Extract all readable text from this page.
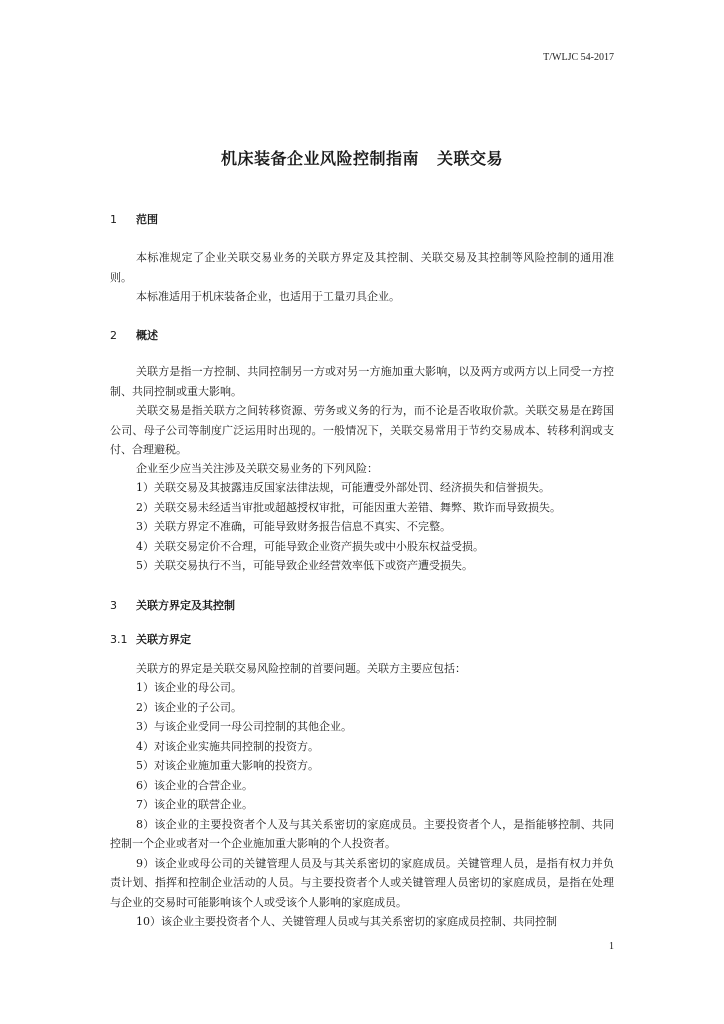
T/WLJC 54-2017
机床装备企业风险控制指南 关联交易
1 范围

本标准规定了企业关联交易业务的关联方界定及其控制、关联交易及其控制等风险控制的通用准则。

本标准适用于机床装备企业，也适用于工量刃具企业。

2 概述

关联方是指一方控制、共同控制另一方或对另一方施加重大影响，以及两方或两方以上同受一方控制、共同控制或重大影响。

关联交易是指关联方之间转移资源、劳务或义务的行为，而不论是否收取价款。关联交易是在跨国公司、母子公司等制度广泛运用时出现的。一般情况下，关联交易常用于节约交易成本、转移利润或支付、合理避税。

企业至少应当关注涉及关联交易业务的下列风险：

1）关联交易及其披露违反国家法律法规，可能遭受外部处罚、经济损失和信誉损失。
2）关联交易未经适当审批或超越授权审批，可能因重大差错、舞弊、欺诈而导致损失。
3）关联方界定不准确，可能导致财务报告信息不真实、不完整。
4）关联交易定价不合理，可能导致企业资产损失或中小股东权益受损。
5）关联交易执行不当，可能导致企业经营效率低下或资产遭受损失。
3 关联方界定及其控制
3.1 关联方界定

关联方的界定是关联交易风险控制的首要问题。关联方主要应包括：

1）该企业的母公司。
2）该企业的子公司。
3）与该企业受同一母公司控制的其他企业。
4）对该企业实施共同控制的投资方。
5）对该企业施加重大影响的投资方。
6）该企业的合营企业。
7）该企业的联营企业。
8）该企业的主要投资者个人及与其关系密切的家庭成员。主要投资者个人，是指能够控制、共同控制一个企业或者对一个企业施加重大影响的个人投资者。
9）该企业或母公司的关键管理人员及与其关系密切的家庭成员。关键管理人员，是指有权力并负责计划、指挥和控制企业活动的人员。与主要投资者个人或关键管理人员密切的家庭成员，是指在处理与企业的交易时可能影响该个人或受该个人影响的家庭成员。
10）该企业主要投资者个人、关键管理人员或与其关系密切的家庭成员控制、共同控制
1
